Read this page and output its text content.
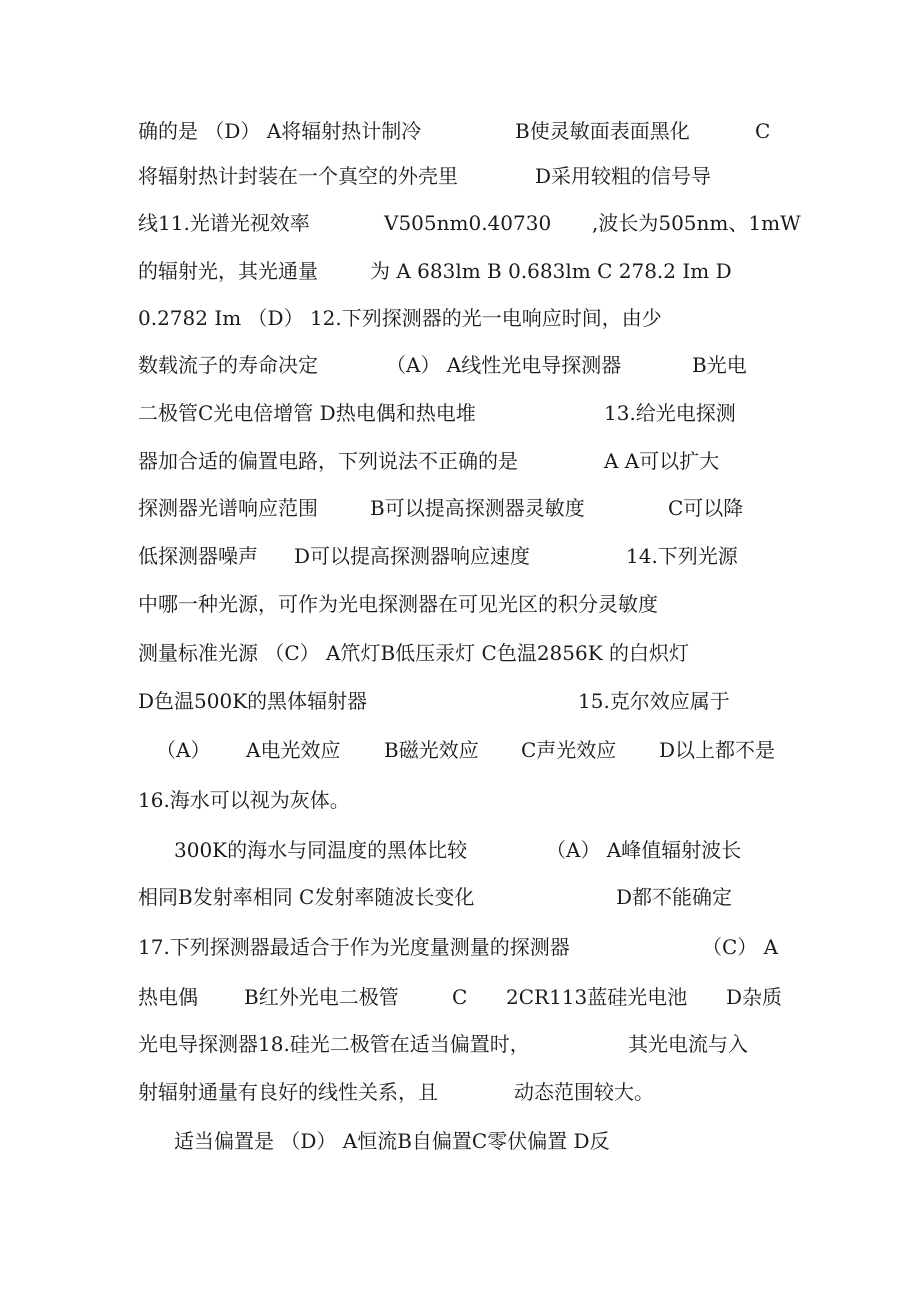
确的是 （D） A将辐射热计制冷	B使灵敏面表面黑化	C
将辐射热计封装在一个真空的外壳里	D采用较粗的信号导
线11.光谱光视效率	V505nm0.40730 ,波长为505nm、1mW
的辐射光，其光通量	为 A 683lm B 0.683lm C 278.2 Im D
0.2782 Im （D） 12.下列探测器的光一电响应时间，由少
数载流子的寿命决定	（A） A线性光电导探测器	B光电
二极管C光电倍增管 D热电偶和热电堆	13.给光电探测
器加合适的偏置电路，下列说法不正确的是	A A可以扩大
探测器光谱响应范围	B可以提高探测器灵敏度	C可以降
低探测器噪声 D可以提高探测器响应速度	14.下列光源
中哪一种光源，可作为光电探测器在可见光区的积分灵敏度
测量标准光源 （C） A笊灯B低压汞灯 C色温2856K 的白炽灯
D色温500K的黑体辐射器	15.克尔效应属于
（A） A电光效应 B磁光效应 C声光效应 D以上都不是
16.海水可以视为灰体。
300K的海水与同温度的黑体比较	（A） A峰值辐射波长
相同B发射率相同 C发射率随波长变化	D都不能确定
17.下列探测器最适合于作为光度量测量的探测器	（C） A
热电偶 B红外光电二极管	C 2CR113蓝硅光电池 D杂质
光电导探测器18.硅光二极管在适当偏置时，	其光电流与入
射辐射通量有良好的线性关系，且	动态范围较大。
适当偏置是 （D） A恒流B自偏置C零伏偏置 D反
